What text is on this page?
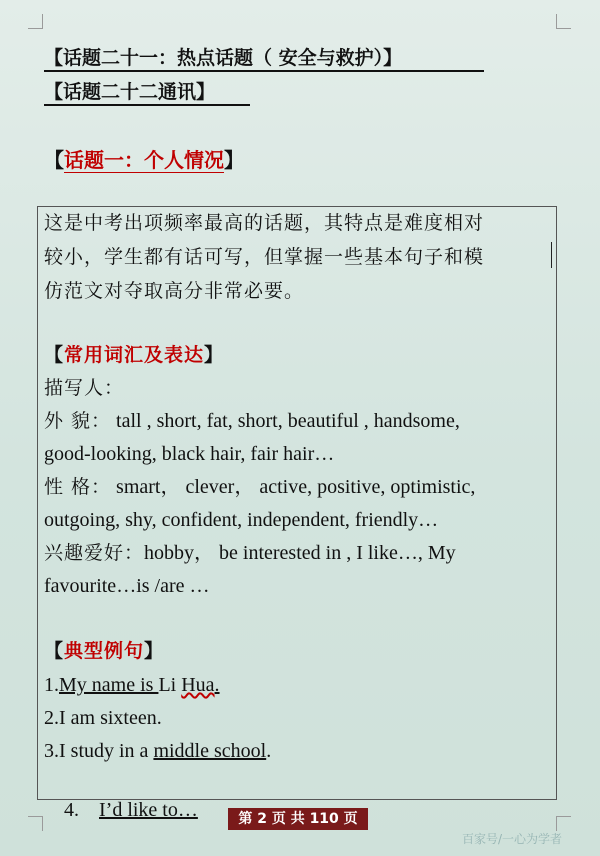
【话题二十一：热点话题（ 安全与救护）】
【话题二十二通讯】
【话题一：个人情况】
这是中考出项频率最高的话题，其特点是难度相对
较小，学生都有话可写，但掌握一些基本句子和模
仿范文对夺取高分非常必要。
【常用词汇及表达】
描写人：
外 貌： tall , short, fat, short, beautiful , handsome,
good-looking, black hair, fair hair…
性 格： smart， clever， active, positive, optimistic,
outgoing, shy, confident, independent, friendly…
兴趣爱好：hobby， be interested in , I like…, My
favourite…is /are …
【典型例句】
1.My name is Li Hua.
2.I am sixteen.
3.I study in a middle school.

4.    I’d like to…
	第 2 页 共 110 页
百家号/一心为学者
